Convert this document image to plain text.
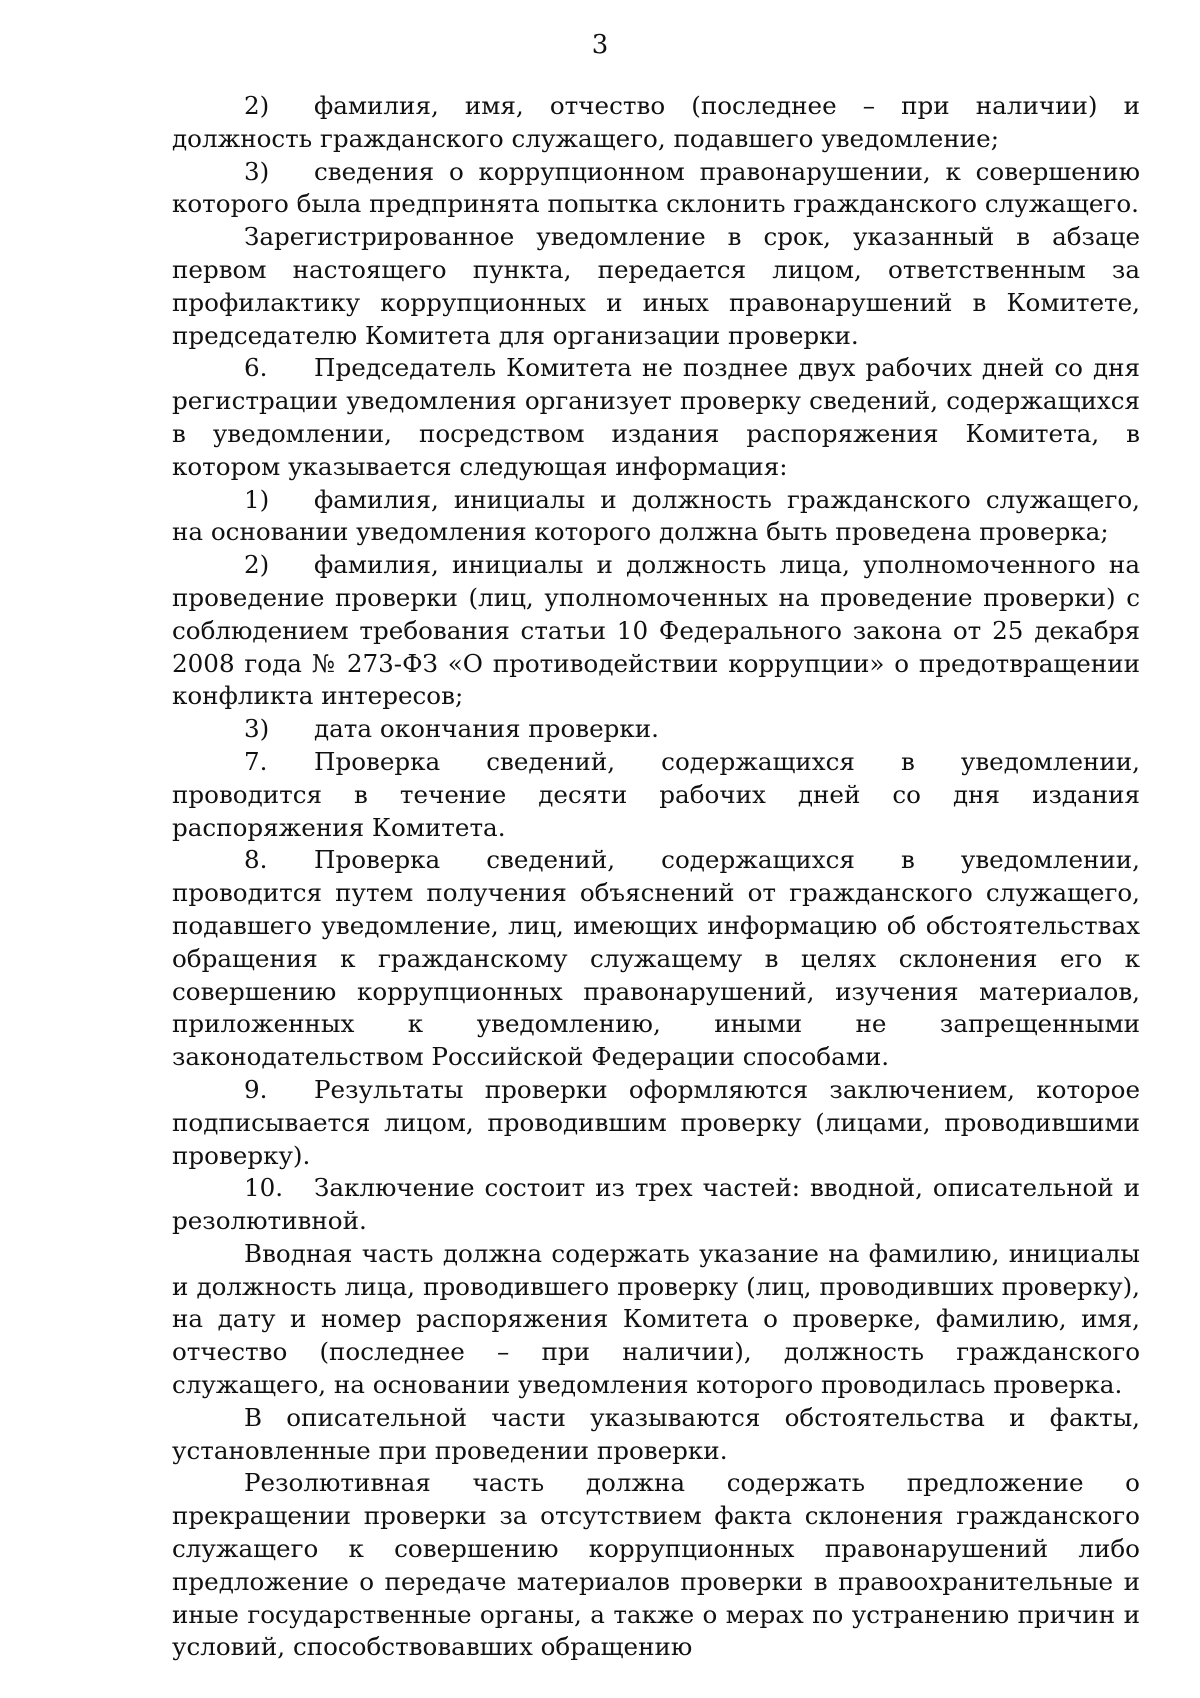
3

2) фамилия, имя, отчество (последнее – при наличии) и должность гражданского служащего, подавшего уведомление;

3) сведения о коррупционном правонарушении, к совершению которого была предпринята попытка склонить гражданского служащего.

Зарегистрированное уведомление в срок, указанный в абзаце первом настоящего пункта, передается лицом, ответственным за профилактику коррупционных и иных правонарушений в Комитете, председателю Комитета для организации проверки.

6. Председатель Комитета не позднее двух рабочих дней со дня регистрации уведомления организует проверку сведений, содержащихся в уведомлении, посредством издания распоряжения Комитета, в котором указывается следующая информация:

1) фамилия, инициалы и должность гражданского служащего, на основании уведомления которого должна быть проведена проверка;

2) фамилия, инициалы и должность лица, уполномоченного на проведение проверки (лиц, уполномоченных на проведение проверки) с соблюдением требования статьи 10 Федерального закона от 25 декабря 2008 года № 273-ФЗ «О противодействии коррупции» о предотвращении конфликта интересов;

3) дата окончания проверки.

7. Проверка сведений, содержащихся в уведомлении, проводится в течение десяти рабочих дней со дня издания распоряжения Комитета.

8. Проверка сведений, содержащихся в уведомлении, проводится путем получения объяснений от гражданского служащего, подавшего уведомление, лиц, имеющих информацию об обстоятельствах обращения к гражданскому служащему в целях склонения его к совершению коррупционных правонарушений, изучения материалов, приложенных к уведомлению, иными не запрещенными законодательством Российской Федерации способами.

9. Результаты проверки оформляются заключением, которое подписывается лицом, проводившим проверку (лицами, проводившими проверку).

10. Заключение состоит из трех частей: вводной, описательной и резолютивной.

Вводная часть должна содержать указание на фамилию, инициалы и должность лица, проводившего проверку (лиц, проводивших проверку), на дату и номер распоряжения Комитета о проверке, фамилию, имя, отчество (последнее – при наличии), должность гражданского служащего, на основании уведомления которого проводилась проверка.

В описательной части указываются обстоятельства и факты, установленные при проведении проверки.

Резолютивная часть должна содержать предложение о прекращении проверки за отсутствием факта склонения гражданского служащего к совершению коррупционных правонарушений либо предложение о передаче материалов проверки в правоохранительные и иные государственные органы, а также о мерах по устранению причин и условий, способствовавших обращению
